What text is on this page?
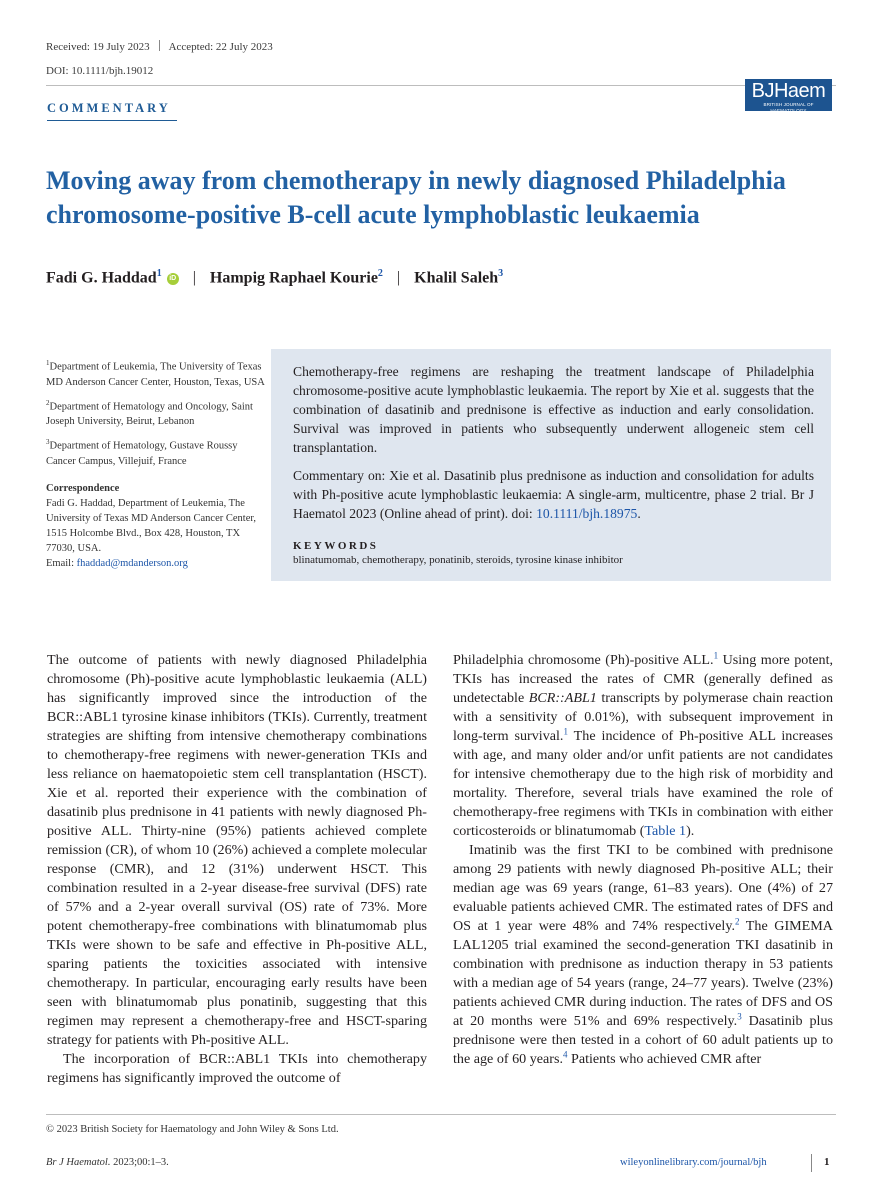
Received: 19 July 2023 Accepted: 22 July 2023
DOI: 10.1111/bjh.19012
COMMENTARY
BJHaem
BRITISH JOURNAL OF HAEMATOLOGY
Moving away from chemotherapy in newly diagnosed Philadelphia chromosome-positive B-cell acute lymphoblastic leukaemia
Fadi G. Haddad$^1$ iD | Hampig Raphael Kourie$^2$ | Khalil Saleh$^3$

$^1$Department of Leukemia, The University of Texas MD Anderson Cancer Center, Houston, Texas, USA

$^2$Department of Hematology and Oncology, Saint Joseph University, Beirut, Lebanon

$^3$Department of Hematology, Gustave Roussy Cancer Campus, Villejuif, France

Correspondence

Fadi G. Haddad, Department of Leukemia, The University of Texas MD Anderson Cancer Center, 1515 Holcombe Blvd., Box 428, Houston, TX 77030, USA.
Email: fhaddad@mdanderson.org

Chemotherapy-free regimens are reshaping the treatment landscape of Philadelphia chromosome-positive acute lymphoblastic leukaemia. The report by Xie et al. suggests that the combination of dasatinib and prednisone is effective as induction and early consolidation. Survival was improved in patients who subsequently underwent allogeneic stem cell transplantation.

Commentary on: Xie et al. Dasatinib plus prednisone as induction and consolidation for adults with Ph-positive acute lymphoblastic leukaemia: A single-arm, multicentre, phase 2 trial. Br J Haematol 2023 (Online ahead of print). doi: 10.1111/bjh.18975.

KEYWORDS
blinatumomab, chemotherapy, ponatinib, steroids, tyrosine kinase inhibitor

The outcome of patients with newly diagnosed Philadelphia chromosome (Ph)-positive acute lymphoblastic leukaemia (ALL) has significantly improved since the introduction of the BCR::ABL1 tyrosine kinase inhibitors (TKIs). Currently, treatment strategies are shifting from intensive chemotherapy combinations to chemotherapy-free regimens with newer-generation TKIs and less reliance on haematopoietic stem cell transplantation (HSCT). Xie et al. reported their experience with the combination of dasatinib plus prednisone in 41 patients with newly diagnosed Ph-positive ALL. Thirty-nine (95%) patients achieved complete remission (CR), of whom 10 (26%) achieved a complete molecular response (CMR), and 12 (31%) underwent HSCT. This combination resulted in a 2-year disease-free survival (DFS) rate of 57% and a 2-year overall survival (OS) rate of 73%. More potent chemotherapy-free combinations with blinatumomab plus TKIs were shown to be safe and effective in Ph-positive ALL, sparing patients the toxicities associated with intensive chemotherapy. In particular, encouraging early results have been seen with blinatumomab plus ponatinib, suggesting that this regimen may represent a chemotherapy-free and HSCT-sparing strategy for patients with Ph-positive ALL.

The incorporation of BCR::ABL1 TKIs into chemotherapy regimens has significantly improved the outcome of

Philadelphia chromosome (Ph)-positive ALL.$^1$ Using more potent, TKIs has increased the rates of CMR (generally defined as undetectable BCR::ABL1 transcripts by polymerase chain reaction with a sensitivity of 0.01%), with subsequent improvement in long-term survival.$^1$ The incidence of Ph-positive ALL increases with age, and many older and/or unfit patients are not candidates for intensive chemotherapy due to the high risk of morbidity and mortality. Therefore, several trials have examined the role of chemotherapy-free regimens with TKIs in combination with either corticosteroids or blinatumomab (Table 1).

Imatinib was the first TKI to be combined with prednisone among 29 patients with newly diagnosed Ph-positive ALL; their median age was 69 years (range, 61–83 years). One (4%) of 27 evaluable patients achieved CMR. The estimated rates of DFS and OS at 1 year were 48% and 74% respectively.$^2$ The GIMEMA LAL1205 trial examined the second-generation TKI dasatinib in combination with prednisone as induction therapy in 53 patients with a median age of 54 years (range, 24–77 years). Twelve (23%) patients achieved CMR during induction. The rates of DFS and OS at 20 months were 51% and 69% respectively.$^3$ Dasatinib plus prednisone were then tested in a cohort of 60 adult patients up to the age of 60 years.$^4$ Patients who achieved CMR after

© 2023 British Society for Haematology and John Wiley & Sons Ltd.
Br J Haematol. 2023;00:1–3.	wileyonlinelibrary.com/journal/bjh	1
